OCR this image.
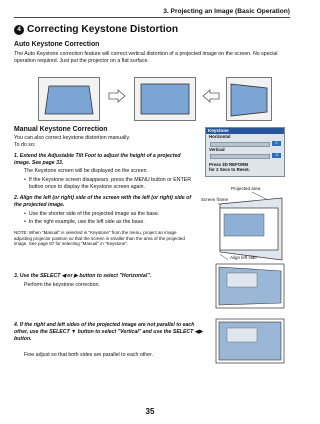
3. Projecting an Image (Basic Operation)
4 Correcting Keystone Distortion
Auto Keystone Correction
The Auto Keystone correction feature will correct vertical distortion of a projected image on the screen. No special operation required. Just put the projector on a flat surface.
Manual Keystone Correction
You can also correct keystone distortion manually.
To do so:
Keystone
Horizontal
0
Vertical
-3
Press 3D REFORM
for 2 Secs to Reset.
1. Extend the Adjustable Tilt Foot to adjust the height of a projected image. See page 33.
The Keystone screen will be displayed on the screen.
• If the Keystone screen disappears, press the MENU button or ENTER button once to display the Keystone screen again.
2. Align the left (or right) side of the screen with the left (or right) side of the projected image.
• Use the shorter side of the projected image as the base.
• In the right example, use the left side as the base.
NOTE: When "Manual" is selected in "Keystone" from the menu, project an image adjusting projector position so that the screen is smaller than the area of the projected image. See page 87 for selecting "Manual" in "Keystone".
Projected area
Screen frame
Align left side
3. Use the SELECT ◀ or ▶ button to select "Horizontal".
Perform the keystone correction.
4. If the right and left sides of the projected image are not parallel to each other, use the SELECT ▼ button to select "Vertical" and use the SELECT ◀▶ button.
Fine adjust so that both sides are parallel to each other.
35
